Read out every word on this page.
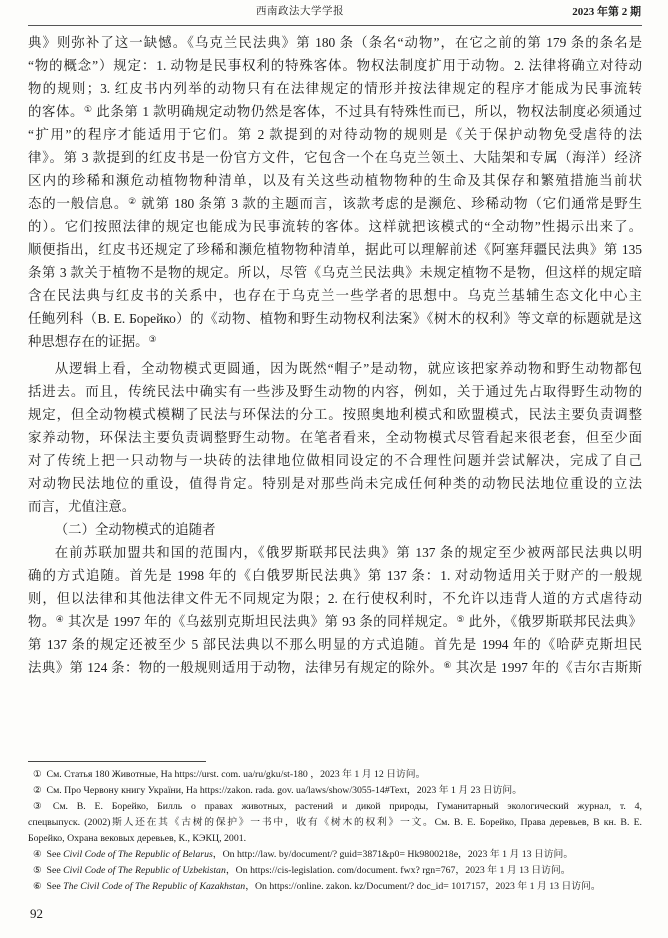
西南政法大学学报	2023 年第 2 期
典》则弥补了这一缺憾。《乌克兰民法典》第 180 条（条名“动物”，在它之前的第 179 条的条名是
“物的概念”）规定：1. 动物是民事权利的特殊客体。物权法制度扩用于动物。2. 法律将确立对待动
物的规则；3. 红皮书内列举的动物只有在法律规定的情形并按法律规定的程序才能成为民事流转
的客体。① 此条第 1 款明确规定动物仍然是客体，不过具有特殊性而已，所以，物权法制度必须通过
“扩用”的程序才能适用于它们。第 2 款提到的对待动物的规则是《关于保护动物免受虐待的法
律》。第 3 款提到的红皮书是一份官方文件，它包含一个在乌克兰领土、大陆架和专属（海洋）经济
区内的珍稀和濒危动植物物种清单，以及有关这些动植物物种的生命及其保存和繁殖措施当前状
态的一般信息。② 就第 180 条第 3 款的主题而言，该款考虑的是濒危、珍稀动物（它们通常是野生
的）。它们按照法律的规定也能成为民事流转的客体。这样就把该模式的“全动物”性揭示出来了。
顺便指出，红皮书还规定了珍稀和濒危植物物种清单，据此可以理解前述《阿塞拜疆民法典》第 135
条第 3 款关于植物不是物的规定。所以，尽管《乌克兰民法典》未规定植物不是物，但这样的规定暗
含在民法典与红皮书的关系中，也存在于乌克兰一些学者的思想中。乌克兰基辅生态文化中心主
任鲍列科（B. E. Борейко）的《动物、植物和野生动物权利法案》《树木的权利》等文章的标题就是这
种思想存在的证据。③
从逻辑上看，全动物模式更圆通，因为既然“帽子”是动物，就应该把家养动物和野生动物都包
括进去。而且，传统民法中确实有一些涉及野生动物的内容，例如，关于通过先占取得野生动物的
规定，但全动物模式模糊了民法与环保法的分工。按照奥地利模式和欧盟模式，民法主要负责调整
家养动物，环保法主要负责调整野生动物。在笔者看来，全动物模式尽管看起来很老套，但至少面
对了传统上把一只动物与一块砖的法律地位做相同设定的不合理性问题并尝试解决，完成了自己
对动物民法地位的重设，值得肯定。特别是对那些尚未完成任何种类的动物民法地位重设的立法
而言，尤值注意。
（二）全动物模式的追随者
在前苏联加盟共和国的范围内，《俄罗斯联邦民法典》第 137 条的规定至少被两部民法典以明
确的方式追随。首先是 1998 年的《白俄罗斯民法典》第 137 条：1. 对动物适用关于财产的一般规
则，但以法律和其他法律文件无不同规定为限；2. 在行使权利时，不允许以违背人道的方式虐待动
物。④ 其次是 1997 年的《乌兹别克斯坦民法典》第 93 条的同样规定。⑤ 此外，《俄罗斯联邦民法典》
第 137 条的规定还被至少 5 部民法典以不那么明显的方式追随。首先是 1994 年的《哈萨克斯坦民
法典》第 124 条：物的一般规则适用于动物，法律另有规定的除外。⑥ 其次是 1997 年的《吉尔吉斯斯
① См. Статья 180 Животные, На https://urst. com. ua/ru/gku/st-180 ，2023 年 1 月 12 日访问。
② См. Про Червону книгу України, На https://zakon. rada. gov. ua/laws/show/3055-14#Text，2023 年 1 月 23 日访问。
③ См. B. E. Борейко, Билль о правах животных, растений и дикой природы, Гуманитарный экологический журнал, т. 4,
спецвыпуск. (2002)斯人还在其《古树的保护》一书中，收有《树木的权利》一文。См. B. E. Борейко, Права деревьев, В кн. B. E.
Борейко, Охрана вековых деревьев, К., КЭКЦ, 2001.
④ See Civil Code of The Republic of Belarus，On http://law. by/document/? guid=3871&p0= Hk9800218e，2023 年 1 月 13 日访问。
⑤ See Civil Code of The Republic of Uzbekistan，On https://cis-legislation. com/document. fwx? rgn=767，2023 年 1 月 13 日访问。
⑥ See The Civil Code of The Republic of Kazakhstan，On https://online. zakon. kz/Document/? doc_id= 1017157，2023 年 1 月 13 日访问。
92
